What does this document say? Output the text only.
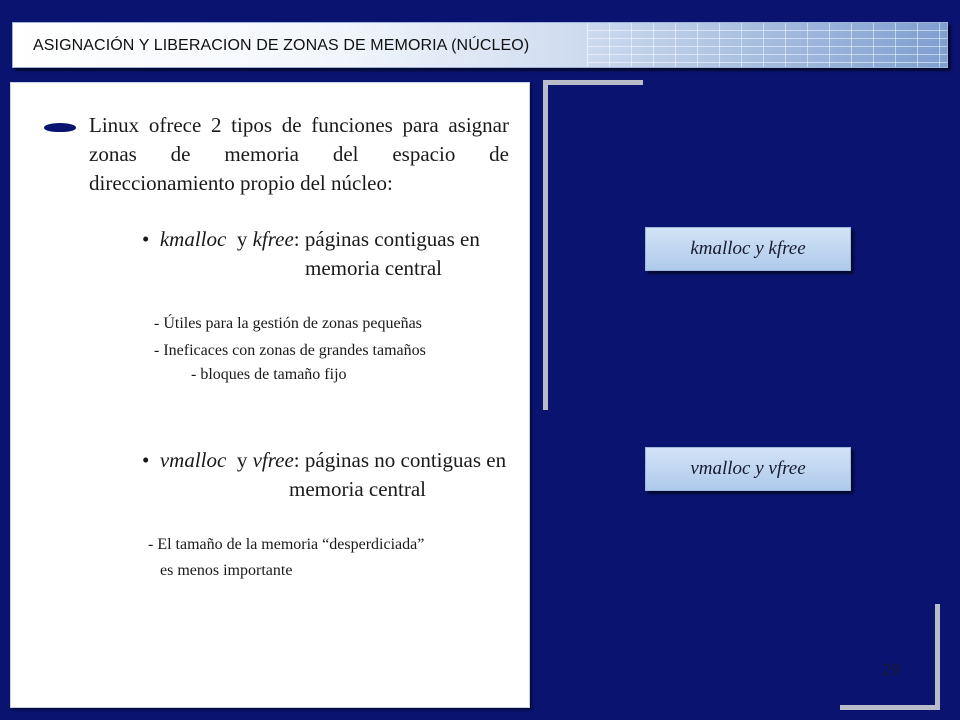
ASIGNACIÓN Y LIBERACION DE ZONAS DE MEMORIA (NÚCLEO)
Linux ofrece 2 tipos de funciones para asignar zonas de memoria del espacio de direccionamiento propio del núcleo:
•  kmalloc y kfree: páginas contiguas en
memoria central
- Útiles para la gestión de zonas pequeñas
- Ineficaces con zonas de grandes tamaños
- bloques de tamaño fijo
•  vmalloc y vfree: páginas no contiguas en
memoria central
- El tamaño de la memoria “desperdiciada”
es menos importante
kmalloc y kfree
vmalloc y vfree
29
